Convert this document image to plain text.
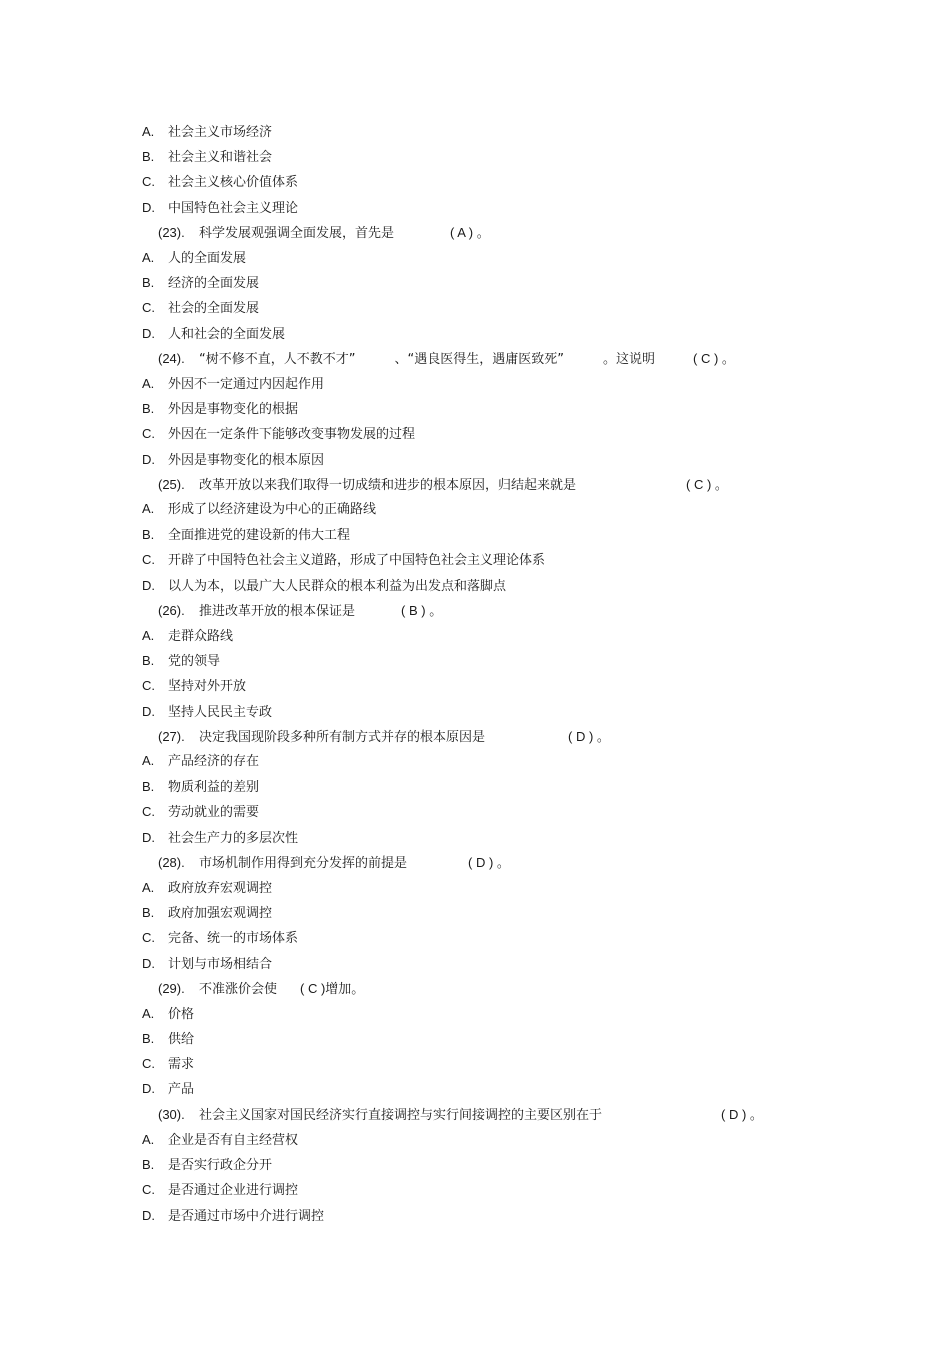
A. 社会主义市场经济
B. 社会主义和谐社会
C. 社会主义核心价值体系
D. 中国特色社会主义理论
(23). 科学发展观强调全面发展，首先是	( A ) 。
A. 人的全面发展
B. 经济的全面发展
C. 社会的全面发展
D. 人和社会的全面发展
(24). “树不修不直，人不教不才”　　　、“遇良医得生，遇庸医致死”　　　。这说明	( C ) 。
A. 外因不一定通过内因起作用
B. 外因是事物变化的根据
C. 外因在一定条件下能够改变事物发展的过程
D. 外因是事物变化的根本原因
(25). 改革开放以来我们取得一切成绩和进步的根本原因，归结起来就是	( C ) 。
A. 形成了以经济建设为中心的正确路线
B. 全面推进党的建设新的伟大工程
C. 开辟了中国特色社会主义道路，形成了中国特色社会主义理论体系
D. 以人为本，以最广大人民群众的根本利益为出发点和落脚点
(26). 推进改革开放的根本保证是	( B ) 。
A. 走群众路线
B. 党的领导
C. 坚持对外开放
D. 坚持人民民主专政
(27). 决定我国现阶段多种所有制方式并存的根本原因是	( D ) 。
A. 产品经济的存在
B. 物质利益的差别
C. 劳动就业的需要
D. 社会生产力的多层次性
(28). 市场机制作用得到充分发挥的前提是	( D ) 。
A. 政府放弃宏观调控
B. 政府加强宏观调控
C. 完备、统一的市场体系
D. 计划与市场相结合
(29). 不准涨价会使 ( C )增加。
A. 价格
B. 供给
C. 需求
D. 产品
(30). 社会主义国家对国民经济实行直接调控与实行间接调控的主要区别在于	( D ) 。
A. 企业是否有自主经营权
B. 是否实行政企分开
C. 是否通过企业进行调控
D. 是否通过市场中介进行调控
